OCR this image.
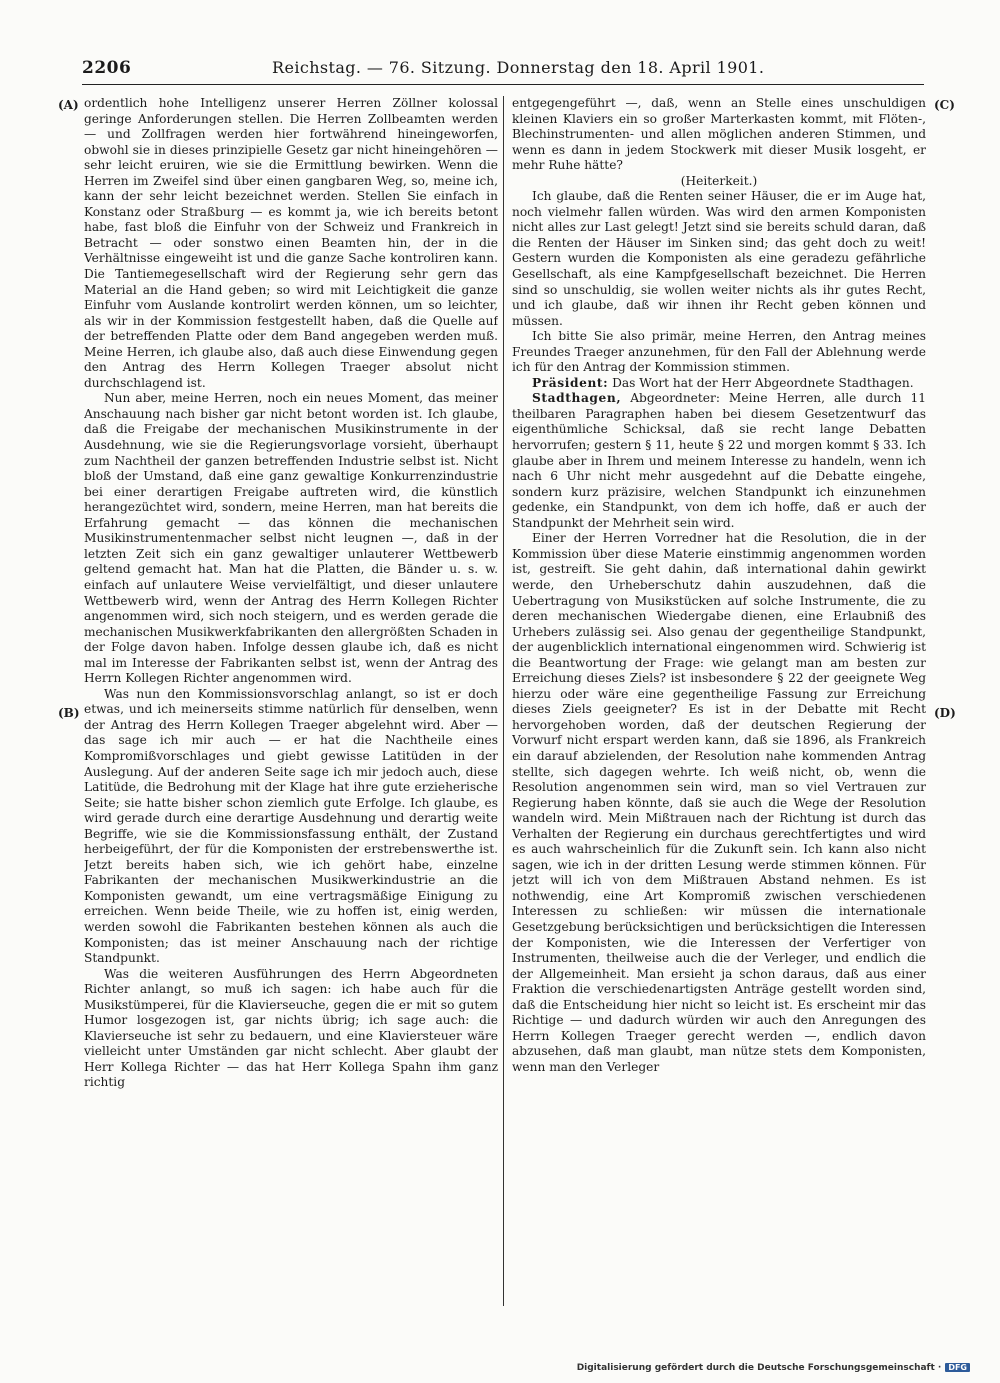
2206	Reichstag. — 76. Sitzung. Donnerstag den 18. April 1901.
(A)
(B)
(C)
(D)

ordentlich hohe Intelligenz unserer Herren Zöllner kolossal geringe Anforderungen stellen. Die Herren Zollbeamten werden — und Zollfragen werden hier fortwährend hineingeworfen, obwohl sie in dieses prinzipielle Gesetz gar nicht hineingehören — sehr leicht eruiren, wie sie die Ermittlung bewirken. Wenn die Herren im Zweifel sind über einen gangbaren Weg, so, meine ich, kann der sehr leicht bezeichnet werden. Stellen Sie einfach in Konstanz oder Straßburg — es kommt ja, wie ich bereits betont habe, fast bloß die Einfuhr von der Schweiz und Frankreich in Betracht — oder sonstwo einen Beamten hin, der in die Verhältnisse eingeweiht ist und die ganze Sache kontroliren kann. Die Tantiemegesellschaft wird der Regierung sehr gern das Material an die Hand geben; so wird mit Leichtigkeit die ganze Einfuhr vom Auslande kontrolirt werden können, um so leichter, als wir in der Kommission festgestellt haben, daß die Quelle auf der betreffenden Platte oder dem Band angegeben werden muß. Meine Herren, ich glaube also, daß auch diese Einwendung gegen den Antrag des Herrn Kollegen Traeger absolut nicht durchschlagend ist.

Nun aber, meine Herren, noch ein neues Moment, das meiner Anschauung nach bisher gar nicht betont worden ist. Ich glaube, daß die Freigabe der mechanischen Musikinstrumente in der Ausdehnung, wie sie die Regierungsvorlage vorsieht, überhaupt zum Nachtheil der ganzen betreffenden Industrie selbst ist. Nicht bloß der Umstand, daß eine ganz gewaltige Konkurrenzindustrie bei einer derartigen Freigabe auftreten wird, die künstlich herangezüchtet wird, sondern, meine Herren, man hat bereits die Erfahrung gemacht — das können die mechanischen Musikinstrumentenmacher selbst nicht leugnen —, daß in der letzten Zeit sich ein ganz gewaltiger unlauterer Wettbewerb geltend gemacht hat. Man hat die Platten, die Bänder u. s. w. einfach auf unlautere Weise vervielfältigt, und dieser unlautere Wettbewerb wird, wenn der Antrag des Herrn Kollegen Richter angenommen wird, sich noch steigern, und es werden gerade die mechanischen Musikwerkfabrikanten den allergrößten Schaden in der Folge davon haben. Infolge dessen glaube ich, daß es nicht mal im Interesse der Fabrikanten selbst ist, wenn der Antrag des Herrn Kollegen Richter angenommen wird.

Was nun den Kommissionsvorschlag anlangt, so ist er doch etwas, und ich meinerseits stimme natürlich für denselben, wenn der Antrag des Herrn Kollegen Traeger abgelehnt wird. Aber — das sage ich mir auch — er hat die Nachtheile eines Kompromißvorschlages und giebt gewisse Latitüden in der Auslegung. Auf der anderen Seite sage ich mir jedoch auch, diese Latitüde, die Bedrohung mit der Klage hat ihre gute erzieherische Seite; sie hatte bisher schon ziemlich gute Erfolge. Ich glaube, es wird gerade durch eine derartige Ausdehnung und derartig weite Begriffe, wie sie die Kommissionsfassung enthält, der Zustand herbeigeführt, der für die Komponisten der erstrebenswerthe ist. Jetzt bereits haben sich, wie ich gehört habe, einzelne Fabrikanten der mechanischen Musikwerkindustrie an die Komponisten gewandt, um eine vertragsmäßige Einigung zu erreichen. Wenn beide Theile, wie zu hoffen ist, einig werden, werden sowohl die Fabrikanten bestehen können als auch die Komponisten; das ist meiner Anschauung nach der richtige Standpunkt.

Was die weiteren Ausführungen des Herrn Abgeordneten Richter anlangt, so muß ich sagen: ich habe auch für die Musikstümperei, für die Klavierseuche, gegen die er mit so gutem Humor losgezogen ist, gar nichts übrig; ich sage auch: die Klavierseuche ist sehr zu bedauern, und eine Klaviersteuer wäre vielleicht unter Umständen gar nicht schlecht. Aber glaubt der Herr Kollega Richter — das hat Herr Kollega Spahn ihm ganz richtig

entgegengeführt —, daß, wenn an Stelle eines unschuldigen kleinen Klaviers ein so großer Marterkasten kommt, mit Flöten-, Blechinstrumenten- und allen möglichen anderen Stimmen, und wenn es dann in jedem Stockwerk mit dieser Musik losgeht, er mehr Ruhe hätte?

(Heiterkeit.)

Ich glaube, daß die Renten seiner Häuser, die er im Auge hat, noch vielmehr fallen würden. Was wird den armen Komponisten nicht alles zur Last gelegt! Jetzt sind sie bereits schuld daran, daß die Renten der Häuser im Sinken sind; das geht doch zu weit! Gestern wurden die Komponisten als eine geradezu gefährliche Gesellschaft, als eine Kampfgesellschaft bezeichnet. Die Herren sind so unschuldig, sie wollen weiter nichts als ihr gutes Recht, und ich glaube, daß wir ihnen ihr Recht geben können und müssen.

Ich bitte Sie also primär, meine Herren, den Antrag meines Freundes Traeger anzunehmen, für den Fall der Ablehnung werde ich für den Antrag der Kommission stimmen.

Präsident: Das Wort hat der Herr Abgeordnete Stadthagen.

Stadthagen, Abgeordneter: Meine Herren, alle durch 11 theilbaren Paragraphen haben bei diesem Gesetzentwurf das eigenthümliche Schicksal, daß sie recht lange Debatten hervorrufen; gestern § 11, heute § 22 und morgen kommt § 33. Ich glaube aber in Ihrem und meinem Interesse zu handeln, wenn ich nach 6 Uhr nicht mehr ausgedehnt auf die Debatte eingehe, sondern kurz präzisire, welchen Standpunkt ich einzunehmen gedenke, ein Standpunkt, von dem ich hoffe, daß er auch der Standpunkt der Mehrheit sein wird.

Einer der Herren Vorredner hat die Resolution, die in der Kommission über diese Materie einstimmig angenommen worden ist, gestreift. Sie geht dahin, daß international dahin gewirkt werde, den Urheberschutz dahin auszudehnen, daß die Uebertragung von Musikstücken auf solche Instrumente, die zu deren mechanischen Wiedergabe dienen, eine Erlaubniß des Urhebers zulässig sei. Also genau der gegentheilige Standpunkt, der augenblicklich international eingenommen wird. Schwierig ist die Beantwortung der Frage: wie gelangt man am besten zur Erreichung dieses Ziels? ist insbesondere § 22 der geeignete Weg hierzu oder wäre eine gegentheilige Fassung zur Erreichung dieses Ziels geeigneter? Es ist in der Debatte mit Recht hervorgehoben worden, daß der deutschen Regierung der Vorwurf nicht erspart werden kann, daß sie 1896, als Frankreich ein darauf abzielenden, der Resolution nahe kommenden Antrag stellte, sich dagegen wehrte. Ich weiß nicht, ob, wenn die Resolution angenommen sein wird, man so viel Vertrauen zur Regierung haben könnte, daß sie auch die Wege der Resolution wandeln wird. Mein Mißtrauen nach der Richtung ist durch das Verhalten der Regierung ein durchaus gerechtfertigtes und wird es auch wahrscheinlich für die Zukunft sein. Ich kann also nicht sagen, wie ich in der dritten Lesung werde stimmen können. Für jetzt will ich von dem Mißtrauen Abstand nehmen. Es ist nothwendig, eine Art Kompromiß zwischen verschiedenen Interessen zu schließen: wir müssen die internationale Gesetzgebung berücksichtigen und berücksichtigen die Interessen der Komponisten, wie die Interessen der Verfertiger von Instrumenten, theilweise auch die der Verleger, und endlich die der Allgemeinheit. Man ersieht ja schon daraus, daß aus einer Fraktion die verschiedenartigsten Anträge gestellt worden sind, daß die Entscheidung hier nicht so leicht ist. Es erscheint mir das Richtige — und dadurch würden wir auch den Anregungen des Herrn Kollegen Traeger gerecht werden —, endlich davon abzusehen, daß man glaubt, man nütze stets dem Komponisten, wenn man den Verleger

Digitalisierung gefördert durch die Deutsche Forschungsgemeinschaft · DFG
